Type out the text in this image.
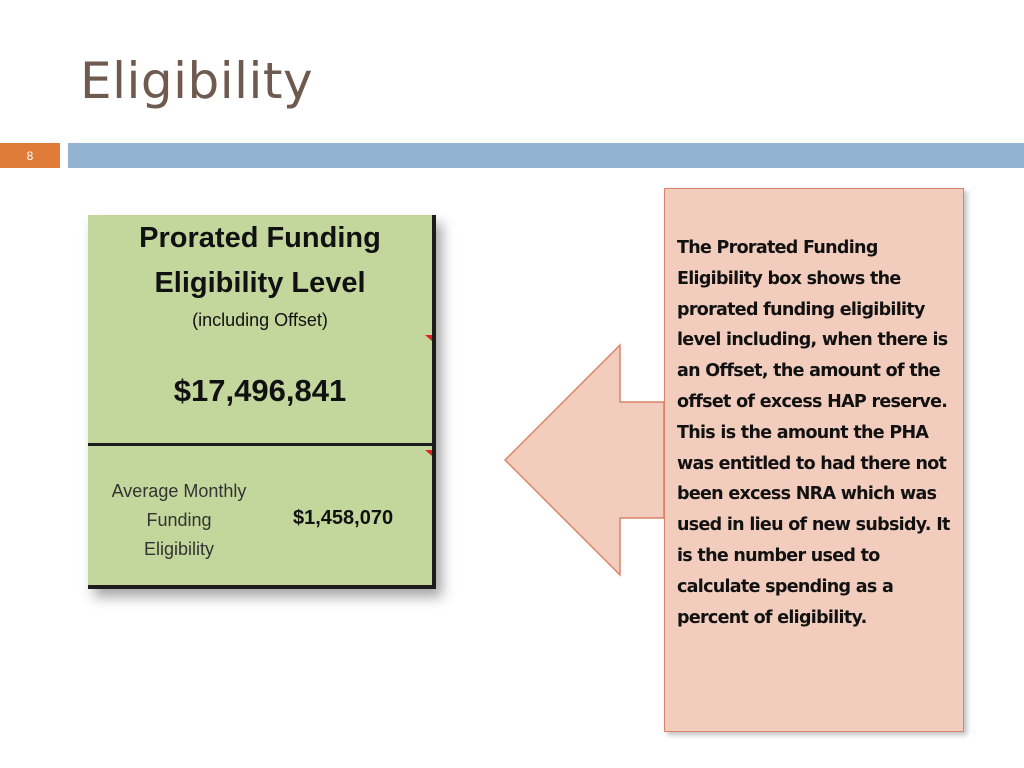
Eligibility
8
Prorated Funding
Eligibility Level
(including Offset)
$17,496,841
Average Monthly
Funding
Eligibility
$1,458,070

The Prorated Funding Eligibility box shows the prorated funding eligibility level including, when there is an Offset, the amount of the offset of excess HAP reserve. This is the amount the PHA was entitled to had there not been excess NRA which was used in lieu of new subsidy. It is the number used to calculate spending as a percent of eligibility.
